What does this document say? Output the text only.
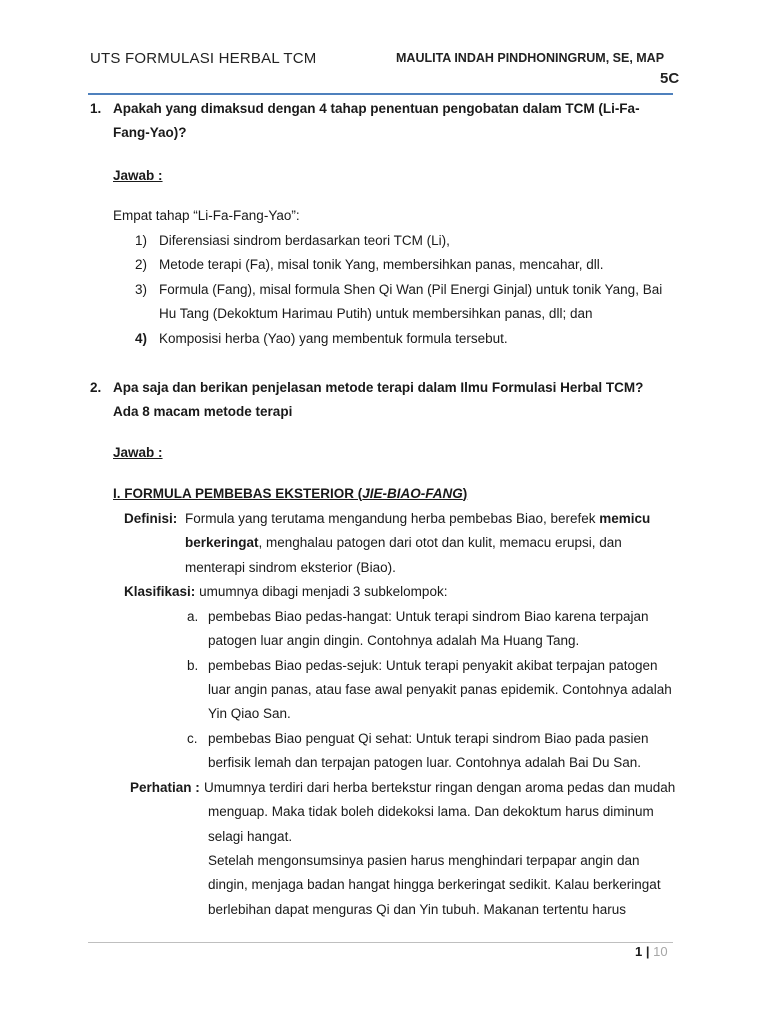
UTS FORMULASI HERBAL TCM	MAULITA INDAH PINDHONINGRUM, SE, MAP
5C
1. Apakah yang dimaksud dengan 4 tahap penentuan pengobatan dalam TCM (Li-Fa-
Fang-Yao)?
Jawab :
Empat tahap “Li-Fa-Fang-Yao”:
1) Diferensiasi sindrom berdasarkan teori TCM (Li),
2) Metode terapi (Fa), misal tonik Yang, membersihkan panas, mencahar, dll.
3) Formula (Fang), misal formula Shen Qi Wan (Pil Energi Ginjal) untuk tonik Yang, Bai
Hu Tang (Dekoktum Harimau Putih) untuk membersihkan panas, dll; dan
4) Komposisi herba (Yao) yang membentuk formula tersebut.
2. Apa saja dan berikan penjelasan metode terapi dalam Ilmu Formulasi Herbal TCM?
Ada 8 macam metode terapi
Jawab :
I. FORMULA PEMBEBAS EKSTERIOR (JIE-BIAO-FANG)
Definisi: Formula yang terutama mengandung herba pembebas Biao, berefek memicu
berkeringat, menghalau patogen dari otot dan kulit, memacu erupsi, dan
menterapi sindrom eksterior (Biao).
Klasifikasi: umumnya dibagi menjadi 3 subkelompok:
a. pembebas Biao pedas-hangat: Untuk terapi sindrom Biao karena terpajan
patogen luar angin dingin. Contohnya adalah Ma Huang Tang.
b. pembebas Biao pedas-sejuk: Untuk terapi penyakit akibat terpajan patogen
luar angin panas, atau fase awal penyakit panas epidemik. Contohnya adalah
Yin Qiao San.
c. pembebas Biao penguat Qi sehat: Untuk terapi sindrom Biao pada pasien
berfisik lemah dan terpajan patogen luar. Contohnya adalah Bai Du San.
Perhatian : Umumnya terdiri dari herba bertekstur ringan dengan aroma pedas dan mudah
menguap. Maka tidak boleh didekoksi lama. Dan dekoktum harus diminum
selagi hangat.
Setelah mengonsumsinya pasien harus menghindari terpapar angin dan
dingin, menjaga badan hangat hingga berkeringat sedikit. Kalau berkeringat
berlebihan dapat menguras Qi dan Yin tubuh. Makanan tertentu harus
1 | 10
